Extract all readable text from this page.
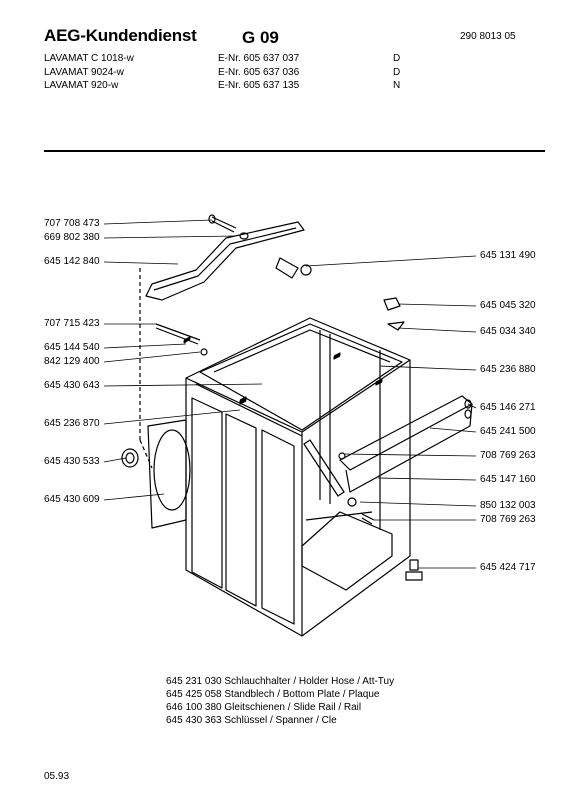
AEG-Kundendienst	G 09	290 8013 05
LAVAMAT C 1018-w
LAVAMAT 9024-w
LAVAMAT 920-w
E-Nr. 605 637 037
E-Nr. 605 637 036
E-Nr. 605 637 135
D
D
N
707 708 473
669 802 380
645 142 840
707 715 423
645 144 540
842 129 400
645 430 643
645 236 870
645 430 533
645 430 609
645 131 490
645 045 320
645 034 340
645 236 880
645 146 271
645 241 500
708 769 263
645 147 160
850 132 003
708 769 263
645 424 717
645 231 030 Schlauchhalter / Holder Hose / Att-Tuy
645 425 058 Standblech / Bottom Plate / Plaque
646 100 380 Gleitschienen / Slide Rail / Rail
645 430 363 Schlüssel / Spanner / Cle
05.93
